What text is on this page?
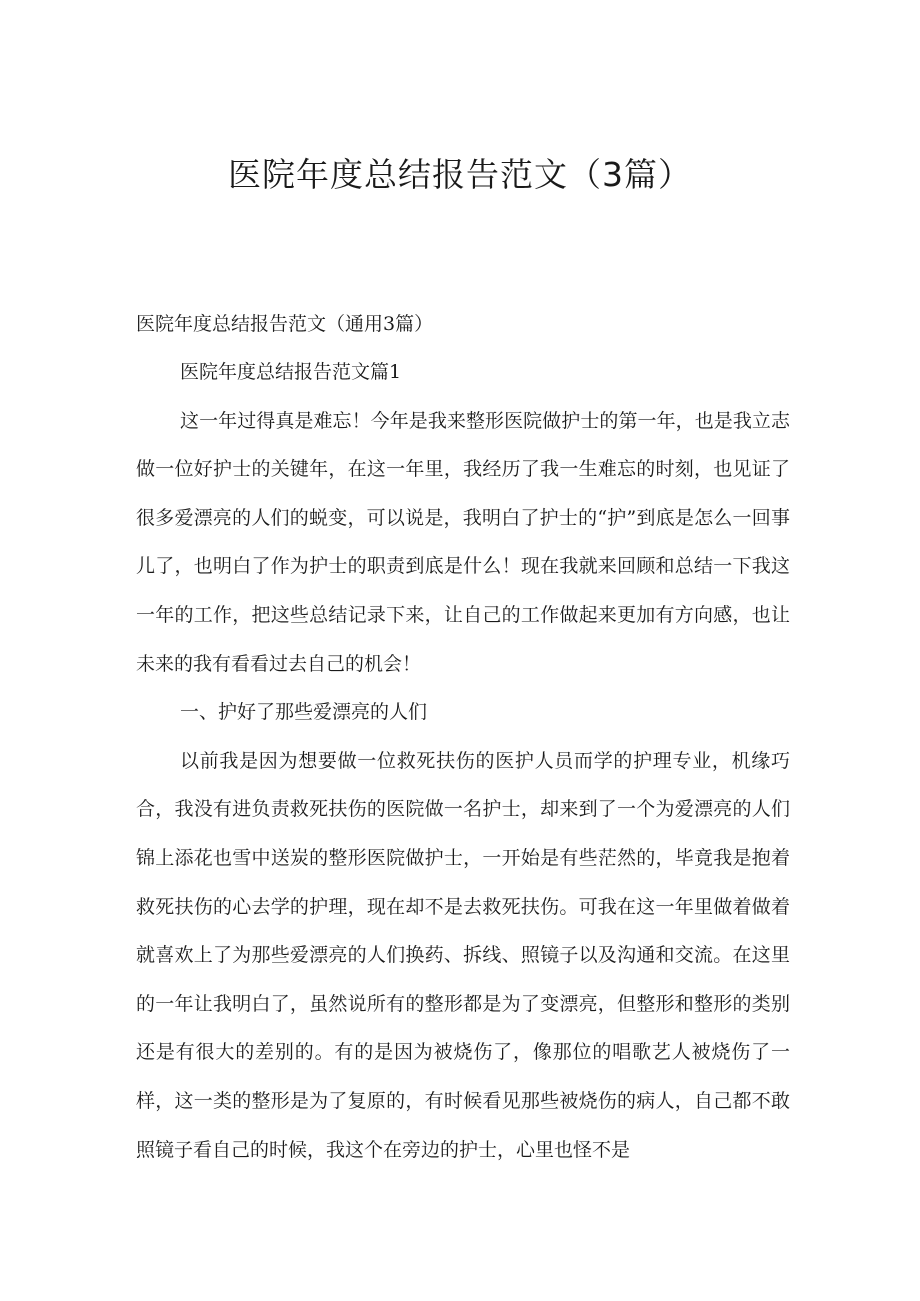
医院年度总结报告范文（3篇）

医院年度总结报告范文（通用3篇）

医院年度总结报告范文篇1

这一年过得真是难忘！今年是我来整形医院做护士的第一年，也是我立志做一位好护士的关键年，在这一年里，我经历了我一生难忘的时刻，也见证了很多爱漂亮的人们的蜕变，可以说是，我明白了护士的“护”到底是怎么一回事儿了，也明白了作为护士的职责到底是什么！现在我就来回顾和总结一下我这一年的工作，把这些总结记录下来，让自己的工作做起来更加有方向感，也让未来的我有看看过去自己的机会！

一、护好了那些爱漂亮的人们

以前我是因为想要做一位救死扶伤的医护人员而学的护理专业，机缘巧合，我没有进负责救死扶伤的医院做一名护士，却来到了一个为爱漂亮的人们锦上添花也雪中送炭的整形医院做护士，一开始是有些茫然的，毕竟我是抱着救死扶伤的心去学的护理，现在却不是去救死扶伤。可我在这一年里做着做着就喜欢上了为那些爱漂亮的人们换药、拆线、照镜子以及沟通和交流。在这里的一年让我明白了，虽然说所有的整形都是为了变漂亮，但整形和整形的类别还是有很大的差别的。有的是因为被烧伤了，像那位的唱歌艺人被烧伤了一样，这一类的整形是为了复原的，有时候看见那些被烧伤的病人，自己都不敢照镜子看自己的时候，我这个在旁边的护士，心里也怪不是
